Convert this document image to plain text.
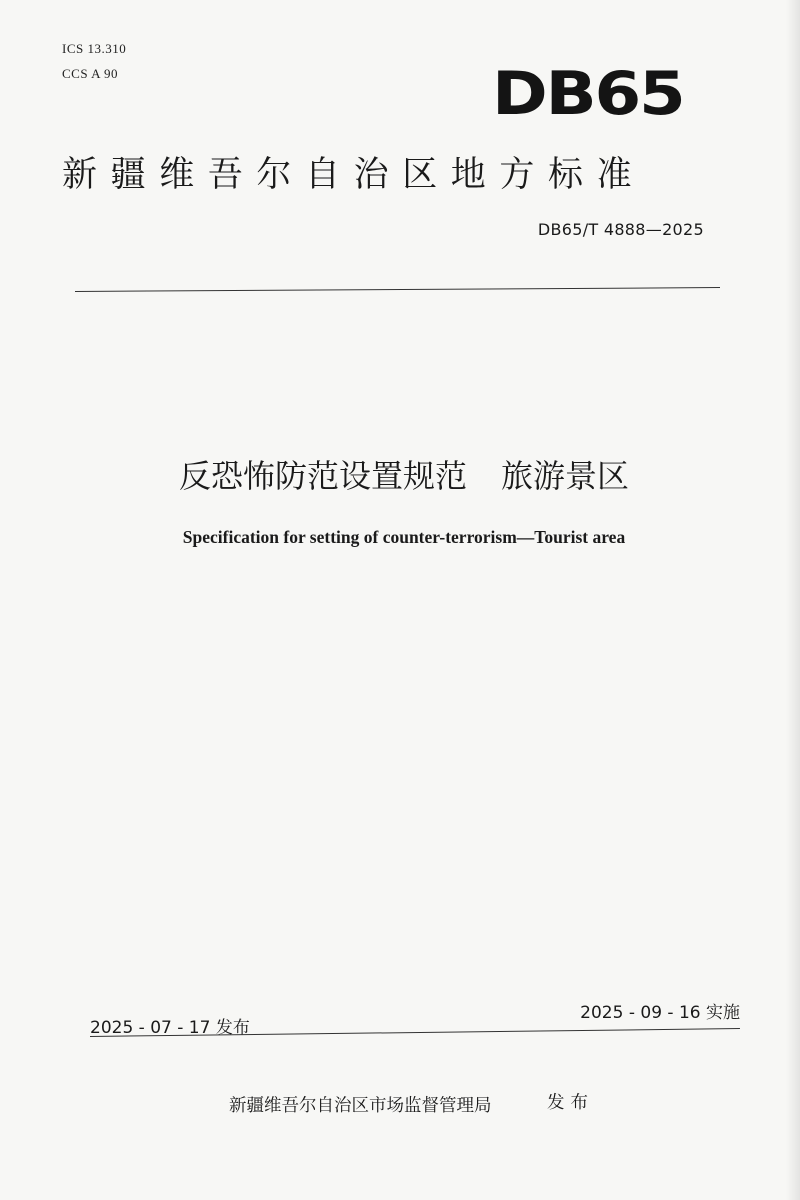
ICS 13.310
CCS A 90	DB65
新疆维吾尔自治区地方标准
DB65/T 4888—2025
反恐怖防范设置规范 旅游景区
Specification for setting of counter-terrorism—Tourist area
2025 - 07 - 17 发布
2025 - 09 - 16 实施
新疆维吾尔自治区市场监督管理局	发布
